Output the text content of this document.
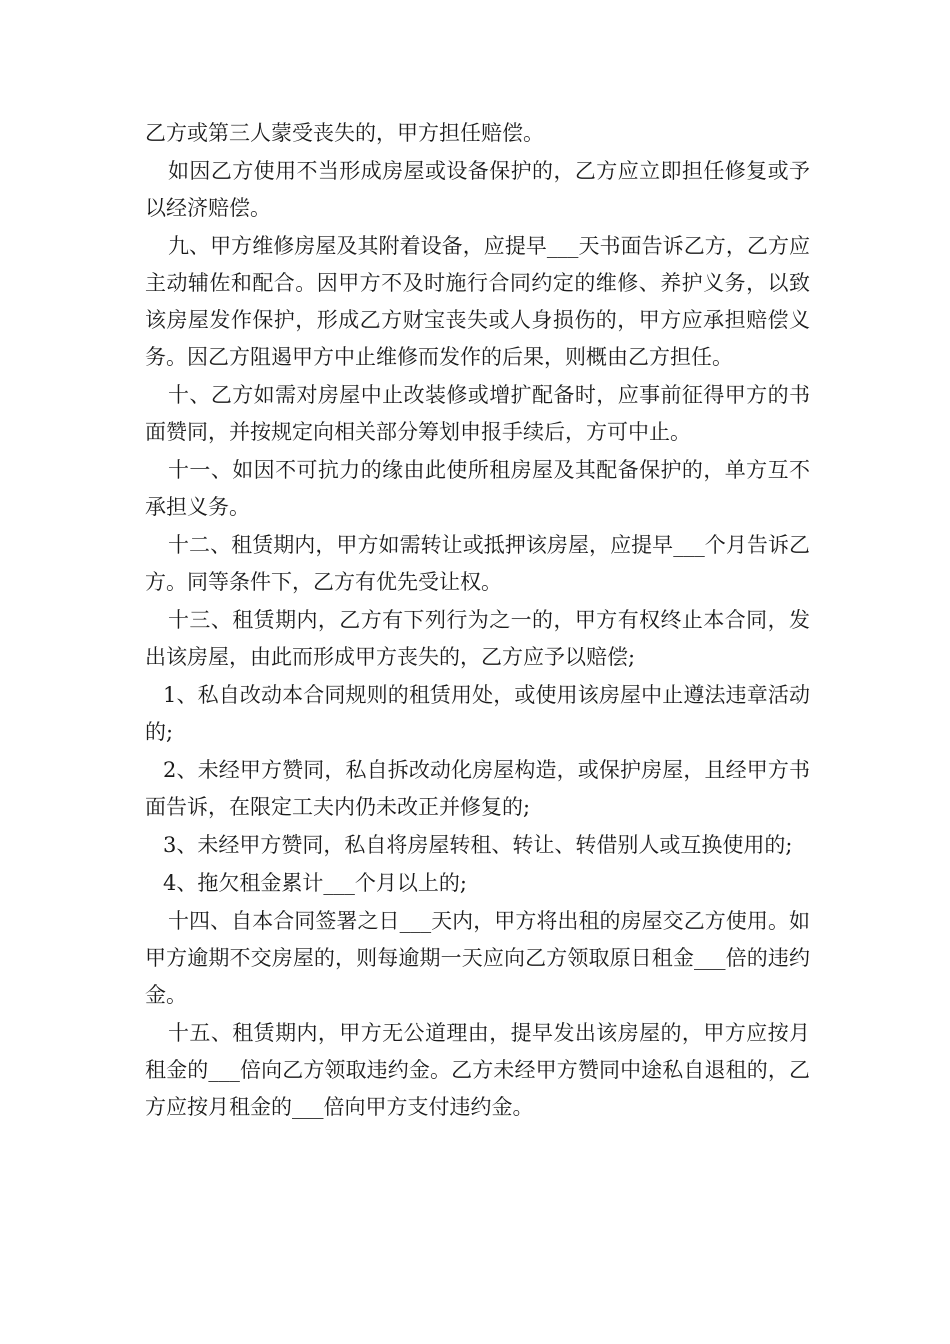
乙方或第三人蒙受丧失的，甲方担任赔偿。

如因乙方使用不当形成房屋或设备保护的，乙方应立即担任修复或予以经济赔偿。

九、甲方维修房屋及其附着设备，应提早___天书面告诉乙方，乙方应主动辅佐和配合。因甲方不及时施行合同约定的维修、养护义务，以致该房屋发作保护，形成乙方财宝丧失或人身损伤的，甲方应承担赔偿义务。因乙方阻遏甲方中止维修而发作的后果，则概由乙方担任。

十、乙方如需对房屋中止改装修或增扩配备时，应事前征得甲方的书面赞同，并按规定向相关部分筹划申报手续后，方可中止。

十一、如因不可抗力的缘由此使所租房屋及其配备保护的，单方互不承担义务。

十二、租赁期内，甲方如需转让或抵押该房屋，应提早___个月告诉乙方。同等条件下，乙方有优先受让权。

十三、租赁期内，乙方有下列行为之一的，甲方有权终止本合同，发出该房屋，由此而形成甲方丧失的，乙方应予以赔偿;

1、私自改动本合同规则的租赁用处，或使用该房屋中止遵法违章活动的;

2、未经甲方赞同，私自拆改动化房屋构造，或保护房屋，且经甲方书面告诉，在限定工夫内仍未改正并修复的;

3、未经甲方赞同，私自将房屋转租、转让、转借别人或互换使用的;

4、拖欠租金累计___个月以上的;

十四、自本合同签署之日___天内，甲方将出租的房屋交乙方使用。如甲方逾期不交房屋的，则每逾期一天应向乙方领取原日租金___倍的违约金。

十五、租赁期内，甲方无公道理由，提早发出该房屋的，甲方应按月租金的___倍向乙方领取违约金。乙方未经甲方赞同中途私自退租的，乙方应按月租金的___倍向甲方支付违约金。
